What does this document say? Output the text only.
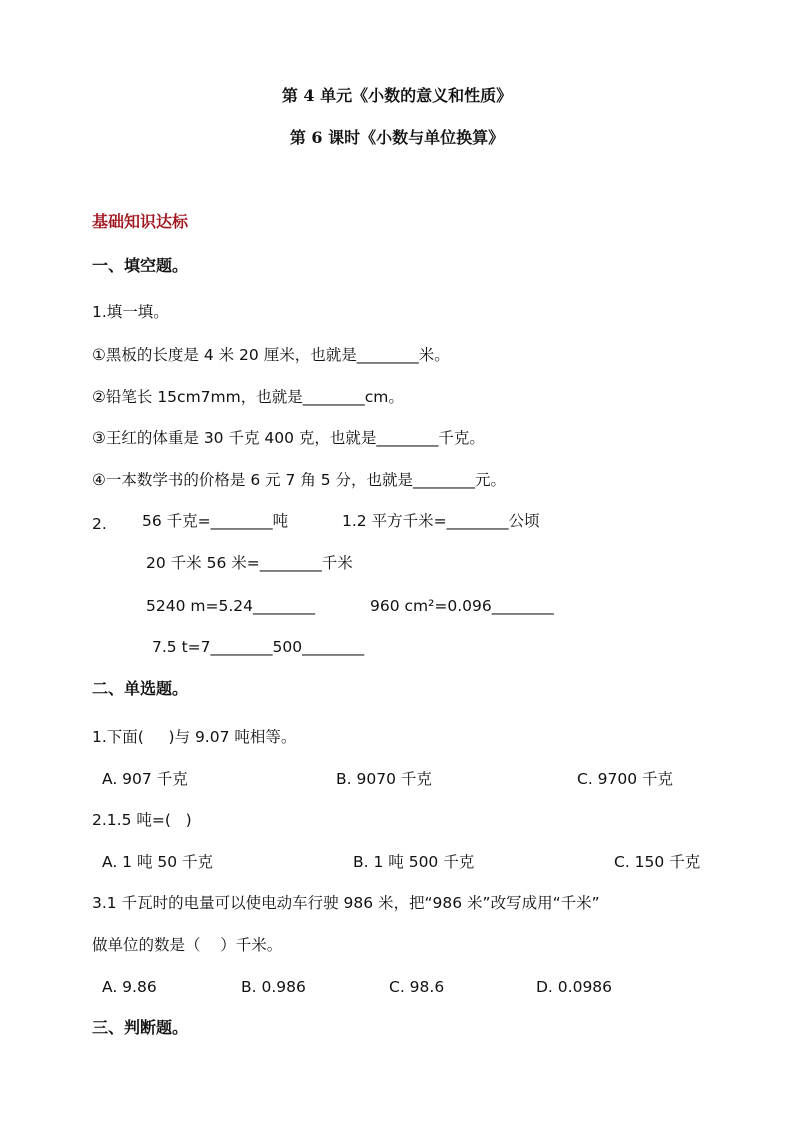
第 4 单元《小数的意义和性质》
第 6 课时《小数与单位换算》
基础知识达标
一、填空题。
1.填一填。
①黑板的长度是 4 米 20 厘米，也就是________米。
②铅笔长 15cm7mm，也就是________cm。
③王红的体重是 30 千克 400 克，也就是________千克。
④一本数学书的价格是 6 元 7 角 5 分，也就是________元。
2. 56 千克=________吨	1.2 平方千米=________公顷
20 千米 56 米=________千米
5240 m=5.24________	960 cm²=0.096________
7.5 t=7________500________
二、单选题。
1.下面(     )与 9.07 吨相等。
A. 907 千克	B. 9070 千克	C. 9700 千克
2.1.5 吨=(   )
A. 1 吨 50 千克	B. 1 吨 500 千克	C. 150 千克
3.1 千瓦时的电量可以使电动车行驶 986 米，把“986 米”改写成用“千米”
做单位的数是（    ）千米。
A. 9.86	B. 0.986	C. 98.6	D. 0.0986
三、判断题。
